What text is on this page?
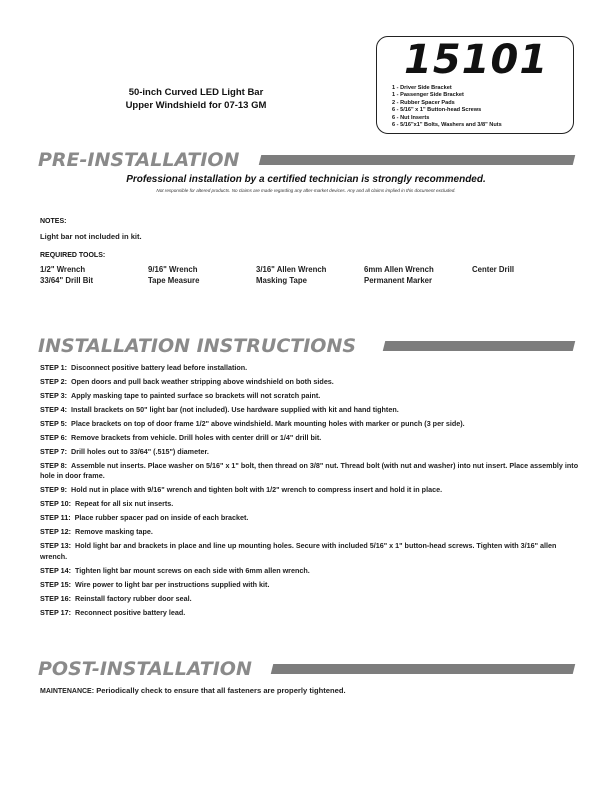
50-inch Curved LED Light Bar
Upper Windshield for 07-13 GM
15101
1 - Driver Side Bracket
1 - Passenger Side Bracket
2 - Rubber Spacer Pads
6 - 5/16" x 1" Button-head Screws
6 - Nut Inserts
6 - 5/16"x1" Bolts, Washers and 3/8" Nuts
PRE-INSTALLATION
Professional installation by a certified technician is strongly recommended.
Not responsible for altered products. No claims are made regarding any after-market devices. Any and all claims implied in this document excluded.
NOTES:
Light bar not included in kit.
REQUIRED TOOLS:
1/2" Wrench	9/16" Wrench	3/16" Allen Wrench	6mm Allen Wrench	Center Drill
33/64" Drill Bit	Tape Measure	Masking Tape	Permanent Marker
INSTALLATION INSTRUCTIONS
STEP 1: Disconnect positive battery lead before installation.
STEP 2: Open doors and pull back weather stripping above windshield on both sides.
STEP 3: Apply masking tape to painted surface so brackets will not scratch paint.
STEP 4: Install brackets on 50" light bar (not included). Use hardware supplied with kit and hand tighten.
STEP 5: Place brackets on top of door frame 1/2" above windshield. Mark mounting holes with marker or punch (3 per side).
STEP 6: Remove brackets from vehicle. Drill holes with center drill or 1/4" drill bit.
STEP 7: Drill holes out to 33/64" (.515") diameter.
STEP 8: Assemble nut inserts. Place washer on 5/16" x 1" bolt, then thread on 3/8" nut. Thread bolt (with nut and washer) into nut insert. Place assembly into hole in door frame.
STEP 9: Hold nut in place with 9/16" wrench and tighten bolt with 1/2" wrench to compress insert and hold it in place.
STEP 10: Repeat for all six nut inserts.
STEP 11: Place rubber spacer pad on inside of each bracket.
STEP 12: Remove masking tape.
STEP 13: Hold light bar and brackets in place and line up mounting holes. Secure with included 5/16" x 1" button-head screws. Tighten with 3/16" allen wrench.
STEP 14: Tighten light bar mount screws on each side with 6mm allen wrench.
STEP 15: Wire power to light bar per instructions supplied with kit.
STEP 16: Reinstall factory rubber door seal.
STEP 17: Reconnect positive battery lead.
POST-INSTALLATION
MAINTENANCE: Periodically check to ensure that all fasteners are properly tightened.
